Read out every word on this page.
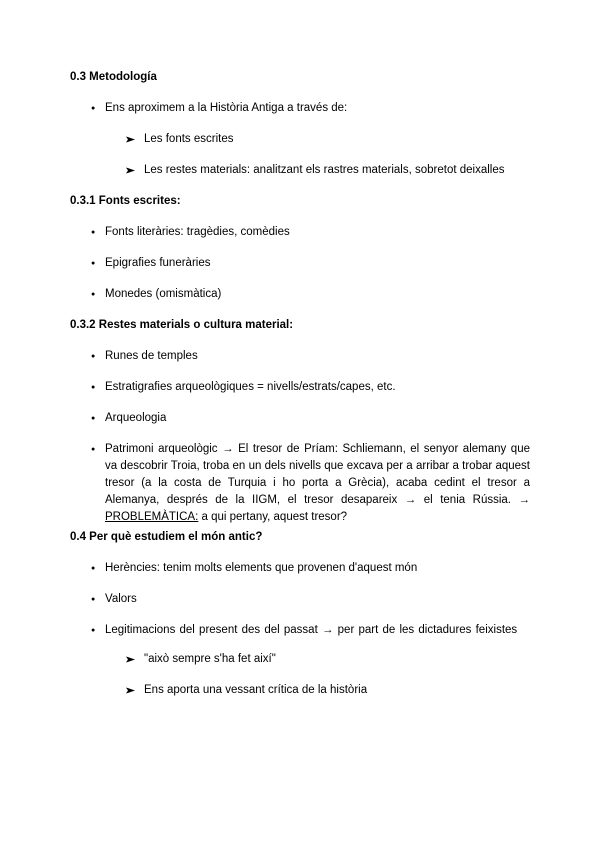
0.3 Metodología
● Ens aproximem a la Història Antiga a través de:
Les fonts escrites
Les restes materials: analitzant els rastres materials, sobretot deixalles
0.3.1 Fonts escrites:
● Fonts literàries: tragèdies, comèdies
● Epigrafies funeràries
● Monedes (omismàtica)
0.3.2 Restes materials o cultura material:
● Runes de temples
● Estratigrafies arqueològiques = nivells/estrats/capes, etc.
● Arqueologia
● Patrimoni arqueològic → El tresor de Príam: Schliemann, el senyor alemany que va descobrir Troia, troba en un dels nivells que excava per a arribar a trobar aquest tresor (a la costa de Turquia i ho porta a Grècia), acaba cedint el tresor a Alemanya, després de la IIGM, el tresor desapareix → el tenia Rússia. → PROBLEMÀTICA: a qui pertany, aquest tresor?
0.4 Per què estudiem el món antic?
● Herències: tenim molts elements que provenen d'aquest món
● Valors
● Legitimacions del present des del passat → per part de les dictadures feixistes
"això sempre s'ha fet així"
Ens aporta una vessant crítica de la història
